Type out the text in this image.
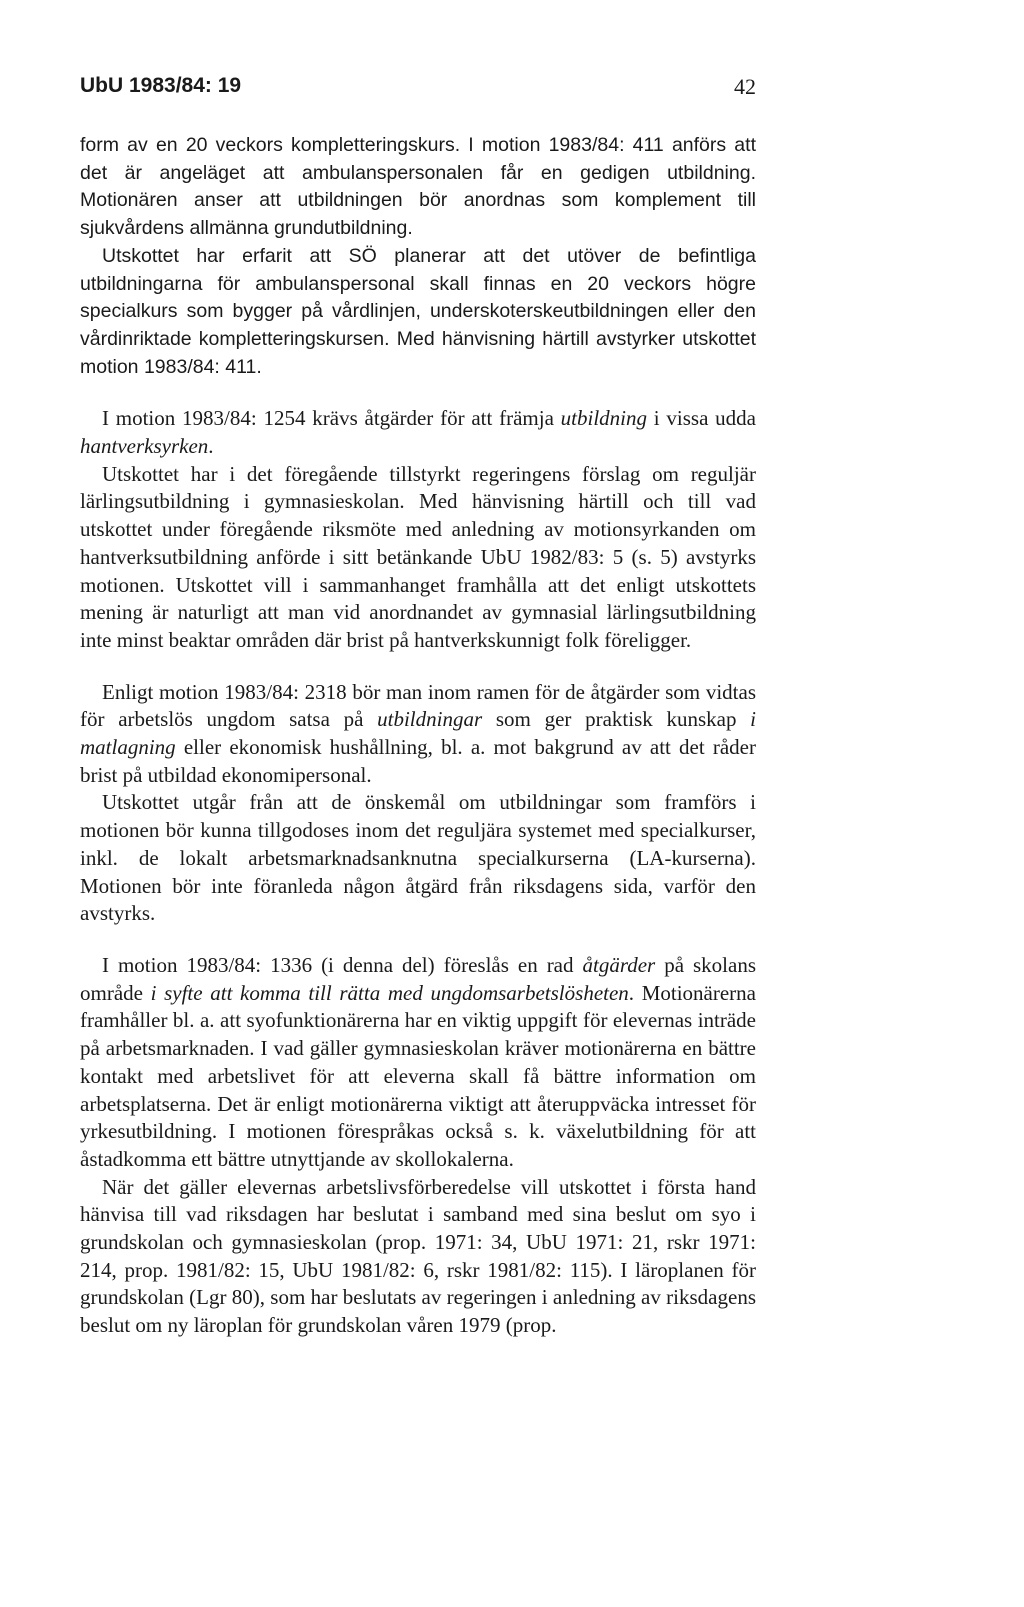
UbU 1983/84: 19	42

form av en 20 veckors kompletteringskurs. I motion 1983/84: 411 anförs att det är angeläget att ambulanspersonalen får en gedigen utbildning. Motionären anser att utbildningen bör anordnas som komplement till sjukvårdens allmänna grundutbildning.

Utskottet har erfarit att SÖ planerar att det utöver de befintliga utbildningarna för ambulanspersonal skall finnas en 20 veckors högre specialkurs som bygger på vårdlinjen, underskoterskeutbildningen eller den vårdinriktade kompletteringskursen. Med hänvisning härtill avstyrker utskottet motion 1983/84: 411.

I motion 1983/84: 1254 krävs åtgärder för att främja utbildning i vissa udda hantverksyrken.

Utskottet har i det föregående tillstyrkt regeringens förslag om reguljär lärlingsutbildning i gymnasieskolan. Med hänvisning härtill och till vad utskottet under föregående riksmöte med anledning av motionsyrkanden om hantverksutbildning anförde i sitt betänkande UbU 1982/83: 5 (s. 5) avstyrks motionen. Utskottet vill i sammanhanget framhålla att det enligt utskottets mening är naturligt att man vid anordnandet av gymnasial lärlingsutbildning inte minst beaktar områden där brist på hantverkskunnigt folk föreligger.

Enligt motion 1983/84: 2318 bör man inom ramen för de åtgärder som vidtas för arbetslös ungdom satsa på utbildningar som ger praktisk kunskap i matlagning eller ekonomisk hushållning, bl. a. mot bakgrund av att det råder brist på utbildad ekonomipersonal.

Utskottet utgår från att de önskemål om utbildningar som framförs i motionen bör kunna tillgodoses inom det reguljära systemet med specialkurser, inkl. de lokalt arbetsmarknadsanknutna specialkurserna (LA-kurserna). Motionen bör inte föranleda någon åtgärd från riksdagens sida, varför den avstyrks.

I motion 1983/84: 1336 (i denna del) föreslås en rad åtgärder på skolans område i syfte att komma till rätta med ungdomsarbetslösheten. Motionärerna framhåller bl. a. att syofunktionärerna har en viktig uppgift för elevernas inträde på arbetsmarknaden. I vad gäller gymnasieskolan kräver motionärerna en bättre kontakt med arbetslivet för att eleverna skall få bättre information om arbetsplatserna. Det är enligt motionärerna viktigt att återuppväcka intresset för yrkesutbildning. I motionen förespråkas också s. k. växelutbildning för att åstadkomma ett bättre utnyttjande av skollokalerna.

När det gäller elevernas arbetslivsförberedelse vill utskottet i första hand hänvisa till vad riksdagen har beslutat i samband med sina beslut om syo i grundskolan och gymnasieskolan (prop. 1971: 34, UbU 1971: 21, rskr 1971: 214, prop. 1981/82: 15, UbU 1981/82: 6, rskr 1981/82: 115). I läroplanen för grundskolan (Lgr 80), som har beslutats av regeringen i anledning av riksdagens beslut om ny läroplan för grundskolan våren 1979 (prop.
